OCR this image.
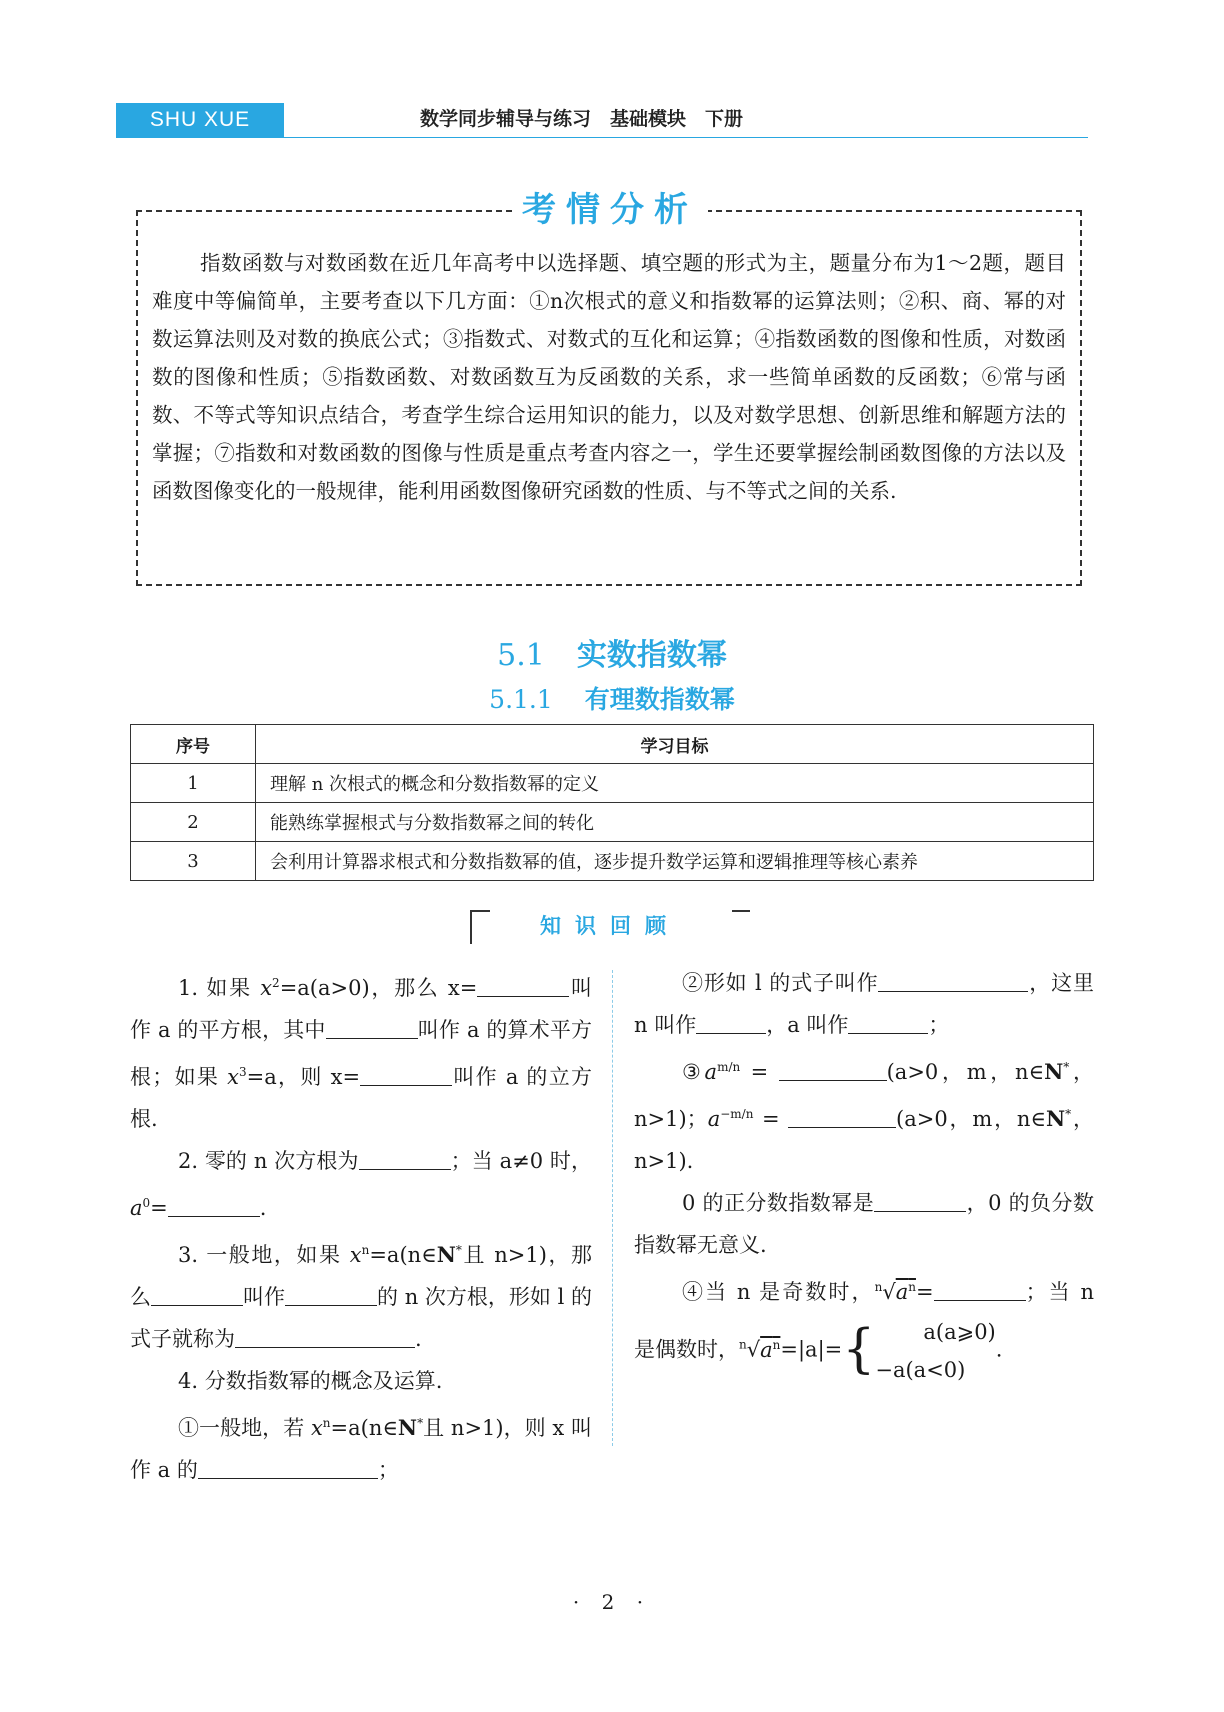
SHU XUE	数学同步辅导与练习　基础模块　下册
考情分析

指数函数与对数函数在近几年高考中以选择题、填空题的形式为主，题量分布为1～2题，题目难度中等偏简单，主要考查以下几方面：①n次根式的意义和指数幂的运算法则；②积、商、幂的对数运算法则及对数的换底公式；③指数式、对数式的互化和运算；④指数函数的图像和性质，对数函数的图像和性质；⑤指数函数、对数函数互为反函数的关系，求一些简单函数的反函数；⑥常与函数、不等式等知识点结合，考查学生综合运用知识的能力，以及对数学思想、创新思维和解题方法的掌握；⑦指数和对数函数的图像与性质是重点考查内容之一，学生还要掌握绘制函数图像的方法以及函数图像变化的一般规律，能利用函数图像研究函数的性质、与不等式之间的关系.

5.1 实数指数幂
5.1.1 有理数指数幂
序号	学习目标
1	理解 n 次根式的概念和分数指数幂的定义
2	能熟练掌握根式与分数指数幂之间的转化
3	会利用计算器求根式和分数指数幂的值，逐步提升数学运算和逻辑推理等核心素养
知识回顾

1. 如果 $x^2=a(a>0)$，那么 x=	叫作 a 的平方根，其中	叫作 a 的算术平方根；如果 $x^3=a$，则 x=	叫作 a 的立方根.

2. 零的 n 次方根为	；当 a≠0 时，$a^0=$	.

3. 一般地，如果 $x^n=a(n\in N^*$且 n>1)，那么	叫作	的 n 次方根，形如 l 的式子就称为	.

4. 分数指数幂的概念及运算.

①一般地，若 $x^n=a(n\in N^*$且 n>1)，则 x 叫作 a 的	；

②形如 l 的式子叫作	，这里 n 叫作	，a 叫作	；

$③a^{m/n}$ =	(a>0，m，n∈N*，n>1)；$a^{-m/n}$ =	(a>0，m，n∈N*，n>1).

0 的正分数指数幂是	，0 的负分数指数幂无意义.

④当 n 是奇数时，$^n√a^n=$	；当 n 是偶数时，$^n√a^n=|a|=${ a(a⩾0)
−a(a<0).

· 2 ·
